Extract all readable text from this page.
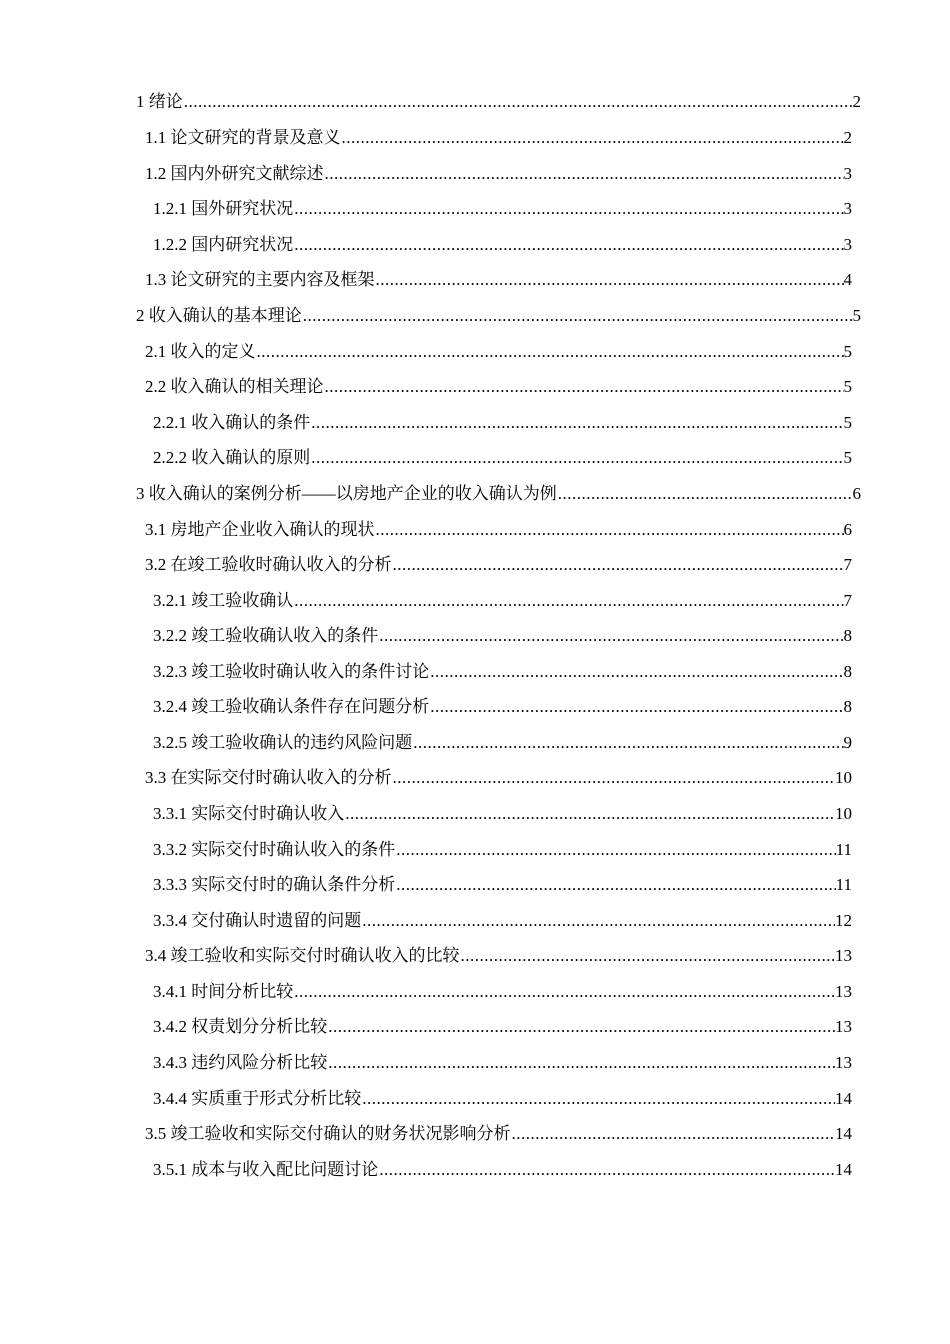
1 绪论 .....	2
1.1 论文研究的背景及意义 .....	2
1.2 国内外研究文献综述 .....	3
1.2.1 国外研究状况 .....	3
1.2.2 国内研究状况 .....	3
1.3 论文研究的主要内容及框架 .....	4
2 收入确认的基本理论 .....	5
2.1 收入的定义 .....	5
2.2 收入确认的相关理论 .....	5
2.2.1 收入确认的条件 .....	5
2.2.2 收入确认的原则 .....	5
3 收入确认的案例分析——以房地产企业的收入确认为例 .....	6
3.1 房地产企业收入确认的现状 .....	6
3.2 在竣工验收时确认收入的分析 .....	7
3.2.1 竣工验收确认 .....	7
3.2.2 竣工验收确认收入的条件 .....	8
3.2.3 竣工验收时确认收入的条件讨论 .....	8
3.2.4 竣工验收确认条件存在问题分析 .....	8
3.2.5 竣工验收确认的违约风险问题 .....	9
3.3 在实际交付时确认收入的分析 .....	10
3.3.1 实际交付时确认收入 .....	10
3.3.2 实际交付时确认收入的条件 .....	11
3.3.3 实际交付时的确认条件分析 .....	11
3.3.4 交付确认时遗留的问题 .....	12
3.4 竣工验收和实际交付时确认收入的比较 .....	13
3.4.1 时间分析比较 .....	13
3.4.2 权责划分分析比较 .....	13
3.4.3 违约风险分析比较 .....	13
3.4.4 实质重于形式分析比较 .....	14
3.5 竣工验收和实际交付确认的财务状况影响分析 .....	14
3.5.1 成本与收入配比问题讨论 .....	14
